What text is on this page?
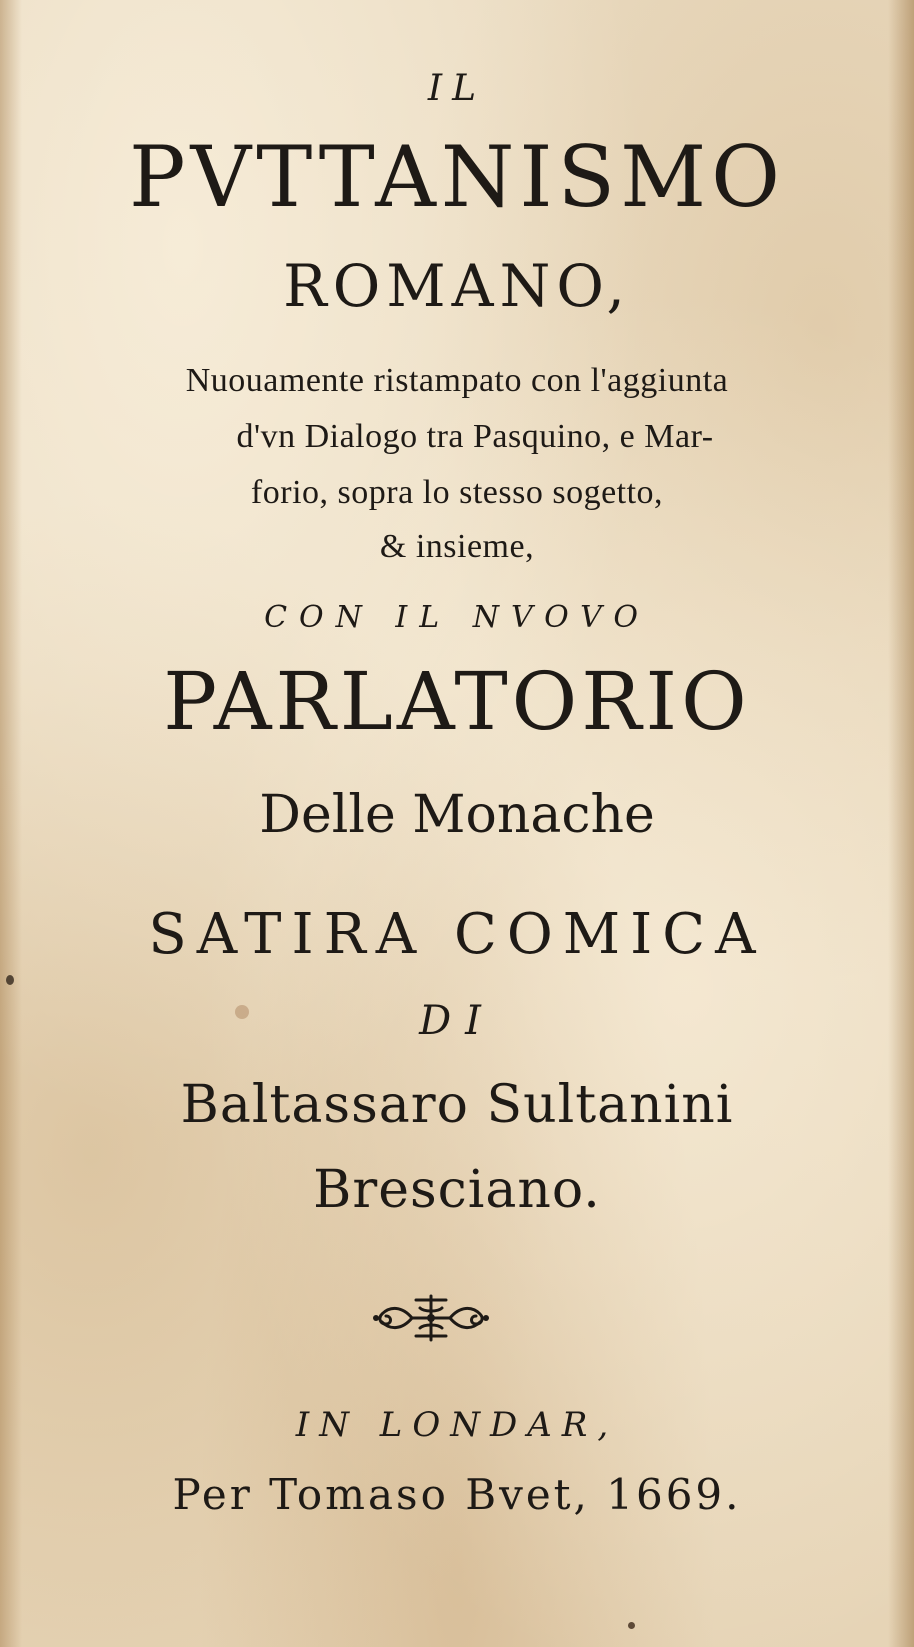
IL
PVTTANISMO
ROMANO,
Nuouamente ristampato con l'aggiunta
d'vn Dialogo tra Pasquino, e Mar-
forio, sopra lo stesso sogetto,
& insieme,
CON IL NVOVO
PARLATORIO
Delle Monache
SATIRA COMICA
DI
Baltassaro Sultanini
Bresciano.
IN LONDAR,
Per Tomaso Bvet, 1669.
